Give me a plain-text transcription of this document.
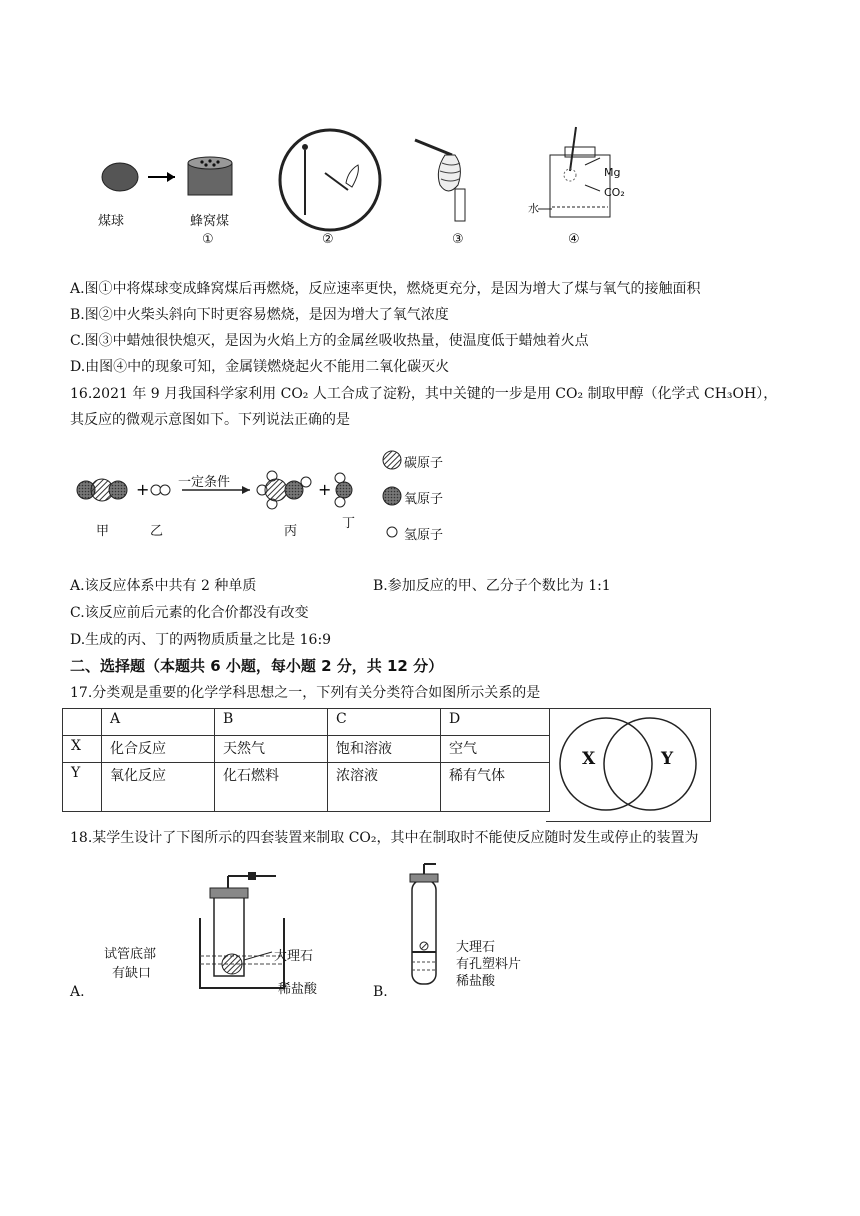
煤球	蜂窝煤
①	②	③	④
Mg
CO₂
水
A.图①中将煤球变成蜂窝煤后再燃烧，反应速率更快，燃烧更充分，是因为增大了煤与氧气的接触面积
B.图②中火柴头斜向下时更容易燃烧，是因为增大了氧气浓度
C.图③中蜡烛很快熄灭，是因为火焰上方的金属丝吸收热量，使温度低于蜡烛着火点
D.由图④中的现象可知，金属镁燃烧起火不能用二氧化碳灭火
16.2021 年 9 月我国科学家利用 CO₂ 人工合成了淀粉，其中关键的一步是用 CO₂ 制取甲醇（化学式 CH₃OH），
其反应的微观示意图如下。下列说法正确的是
+	+
一定条件
甲	乙	丙
丁
碳原子
氧原子
氢原子
A.该反应体系中共有 2 种单质	B.参加反应的甲、乙分子个数比为 1:1
C.该反应前后元素的化合价都没有改变
D.生成的丙、丁的两物质质量之比是 16:9
二、选择题（本题共 6 小题，每小题 2 分，共 12 分）
17.分类观是重要的化学学科思想之一，下列有关分类符合如图所示关系的是
	A	B	C	D
X	化合反应	天然气	饱和溶液	空气
Y	氧化反应	化石燃料	浓溶液	稀有气体
X	Y
18.某学生设计了下图所示的四套装置来制取 CO₂，其中在制取时不能使反应随时发生或停止的装置为
试管底部
有缺口
大理石
稀盐酸
A.
大理石
有孔塑料片
稀盐酸
B.
